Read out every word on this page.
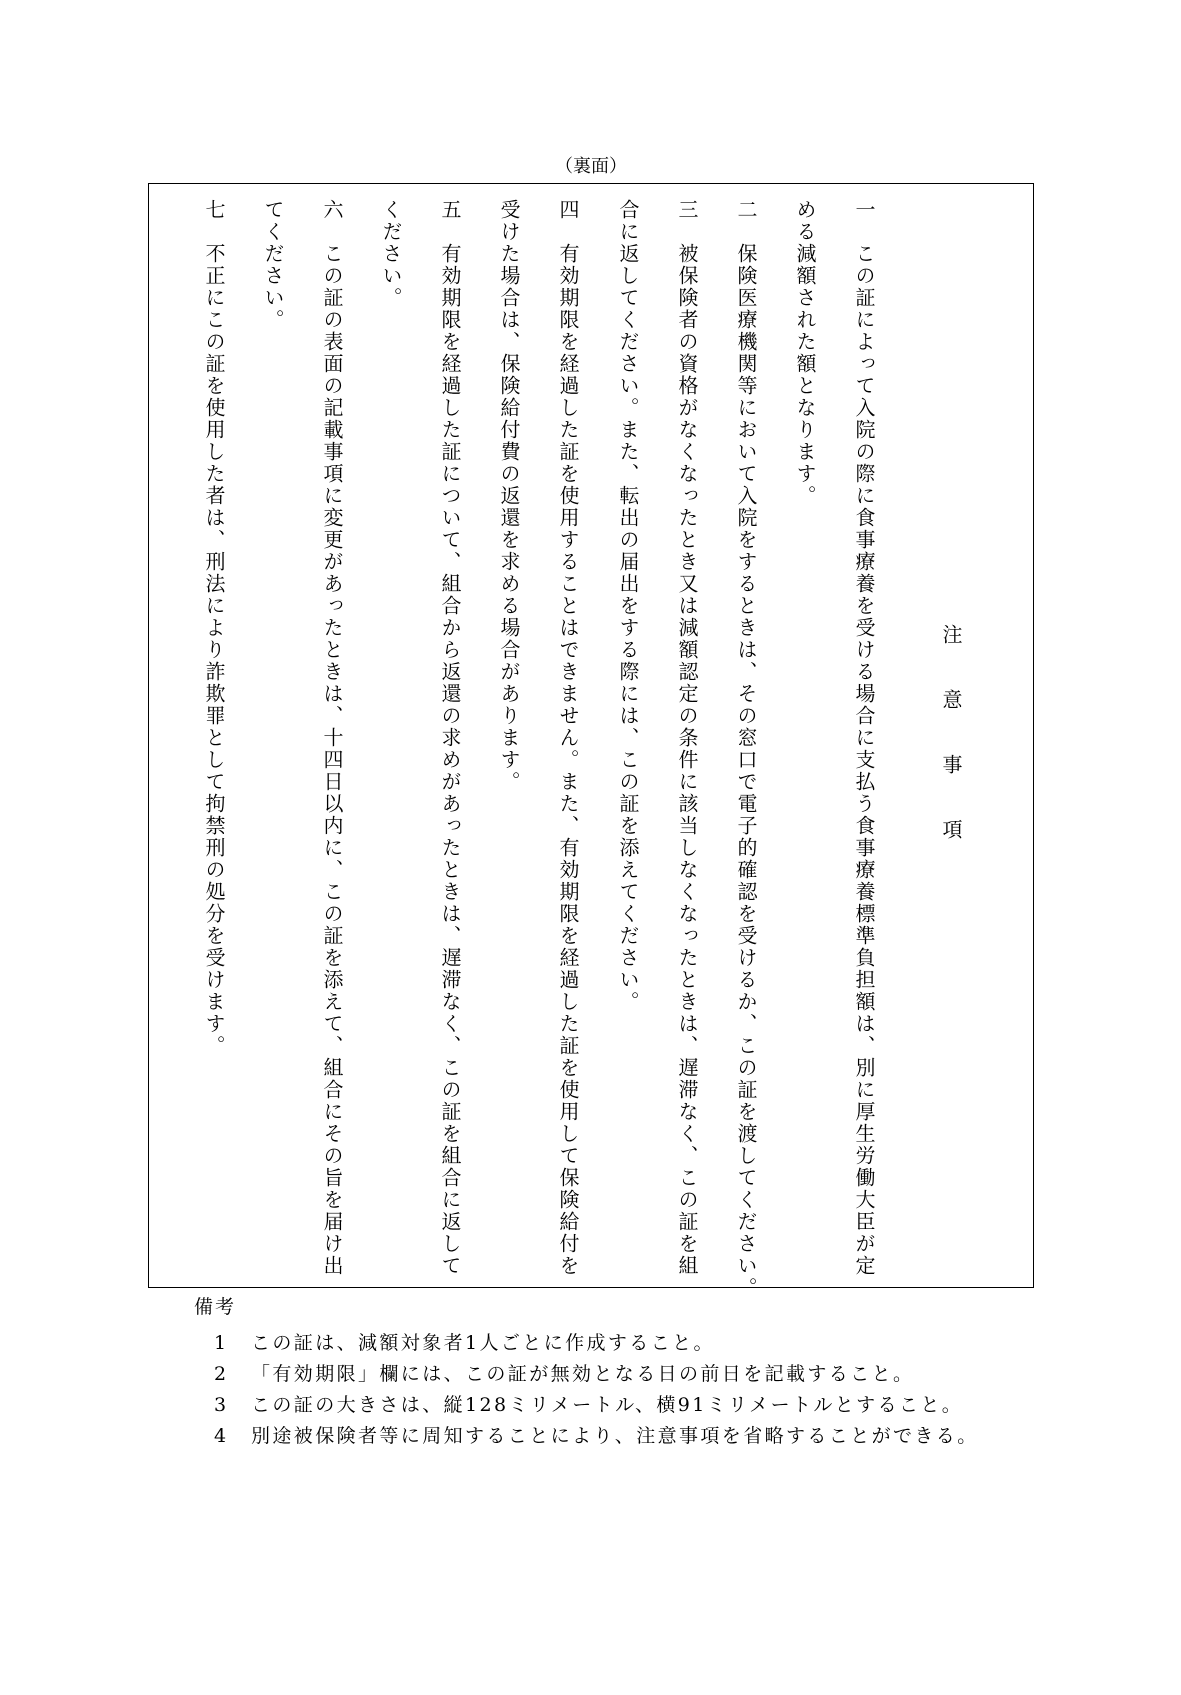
（裏面）
注意事項
一
この証によって入院の際に食事療養を受ける場合に支払う食事療養標準負担額は、別に厚生労働大臣が定
める減額された額となります。
二
保険医療機関等において入院をするときは、その窓口で電子的確認を受けるか、この証を渡してください。
三
被保険者の資格がなくなったとき又は減額認定の条件に該当しなくなったときは、遅滞なく、この証を組
合に返してください。また、転出の届出をする際には、この証を添えてください。
四
有効期限を経過した証を使用することはできません。また、有効期限を経過した証を使用して保険給付を
受けた場合は、保険給付費の返還を求める場合があります。
五
有効期限を経過した証について、組合から返還の求めがあったときは、遅滞なく、この証を組合に返して
ください。
六
この証の表面の記載事項に変更があったときは、十四日以内に、この証を添えて、組合にその旨を届け出
てください。
七
不正にこの証を使用した者は、刑法により詐欺罪として拘禁刑の処分を受けます。
備考
1 この証は、減額対象者1人ごとに作成すること。
2 「有効期限」欄には、この証が無効となる日の前日を記載すること。
3 この証の大きさは、縦128ミリメートル、横91ミリメートルとすること。
4 別途被保険者等に周知することにより、注意事項を省略することができる。
